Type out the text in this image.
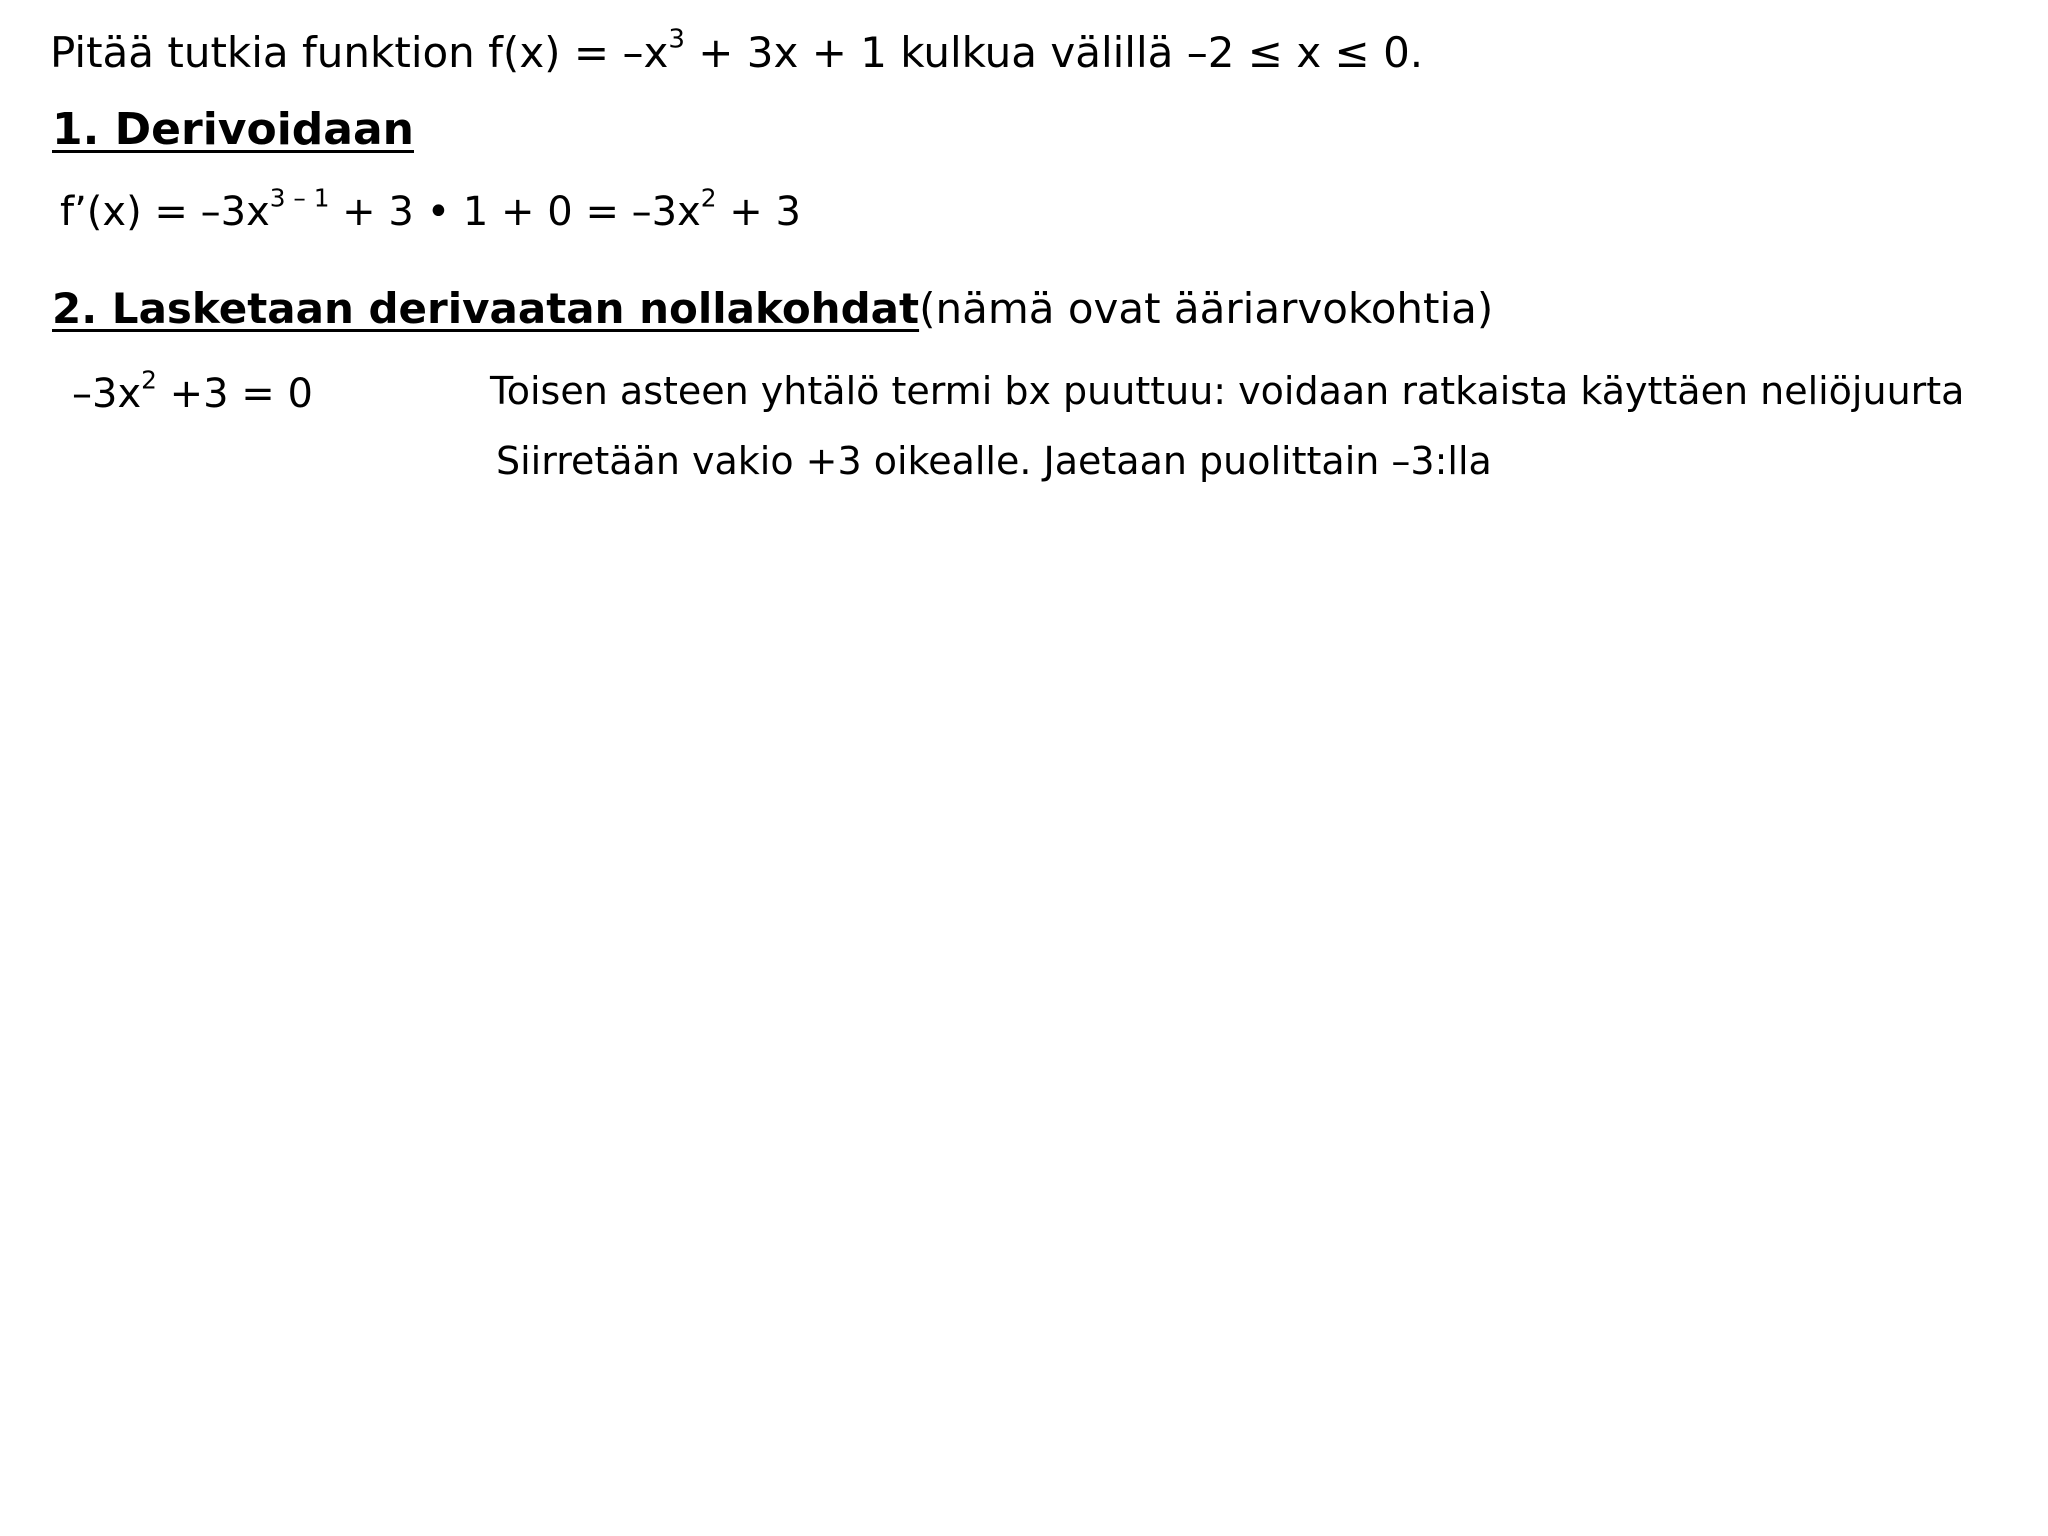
Pitää tutkia funktion $f(x) = -x^3 + 3x + 1$ kulkua välillä –2 ≤ x ≤ 0.
1. Derivoidaan
f’(x) = $-3x^{3 - 1} + 3$ • $1 + 0 = -3x^2 + 3$
2. Lasketaan derivaatan nollakohdat(nämä ovat ääriarvokohtia)
$-3x^2 +3 = 0$	Toisen asteen yhtälö termi bx puuttuu: voidaan ratkaista käyttäen neliöjuurta
Siirretään vakio +3 oikealle. Jaetaan puolittain –3:lla
